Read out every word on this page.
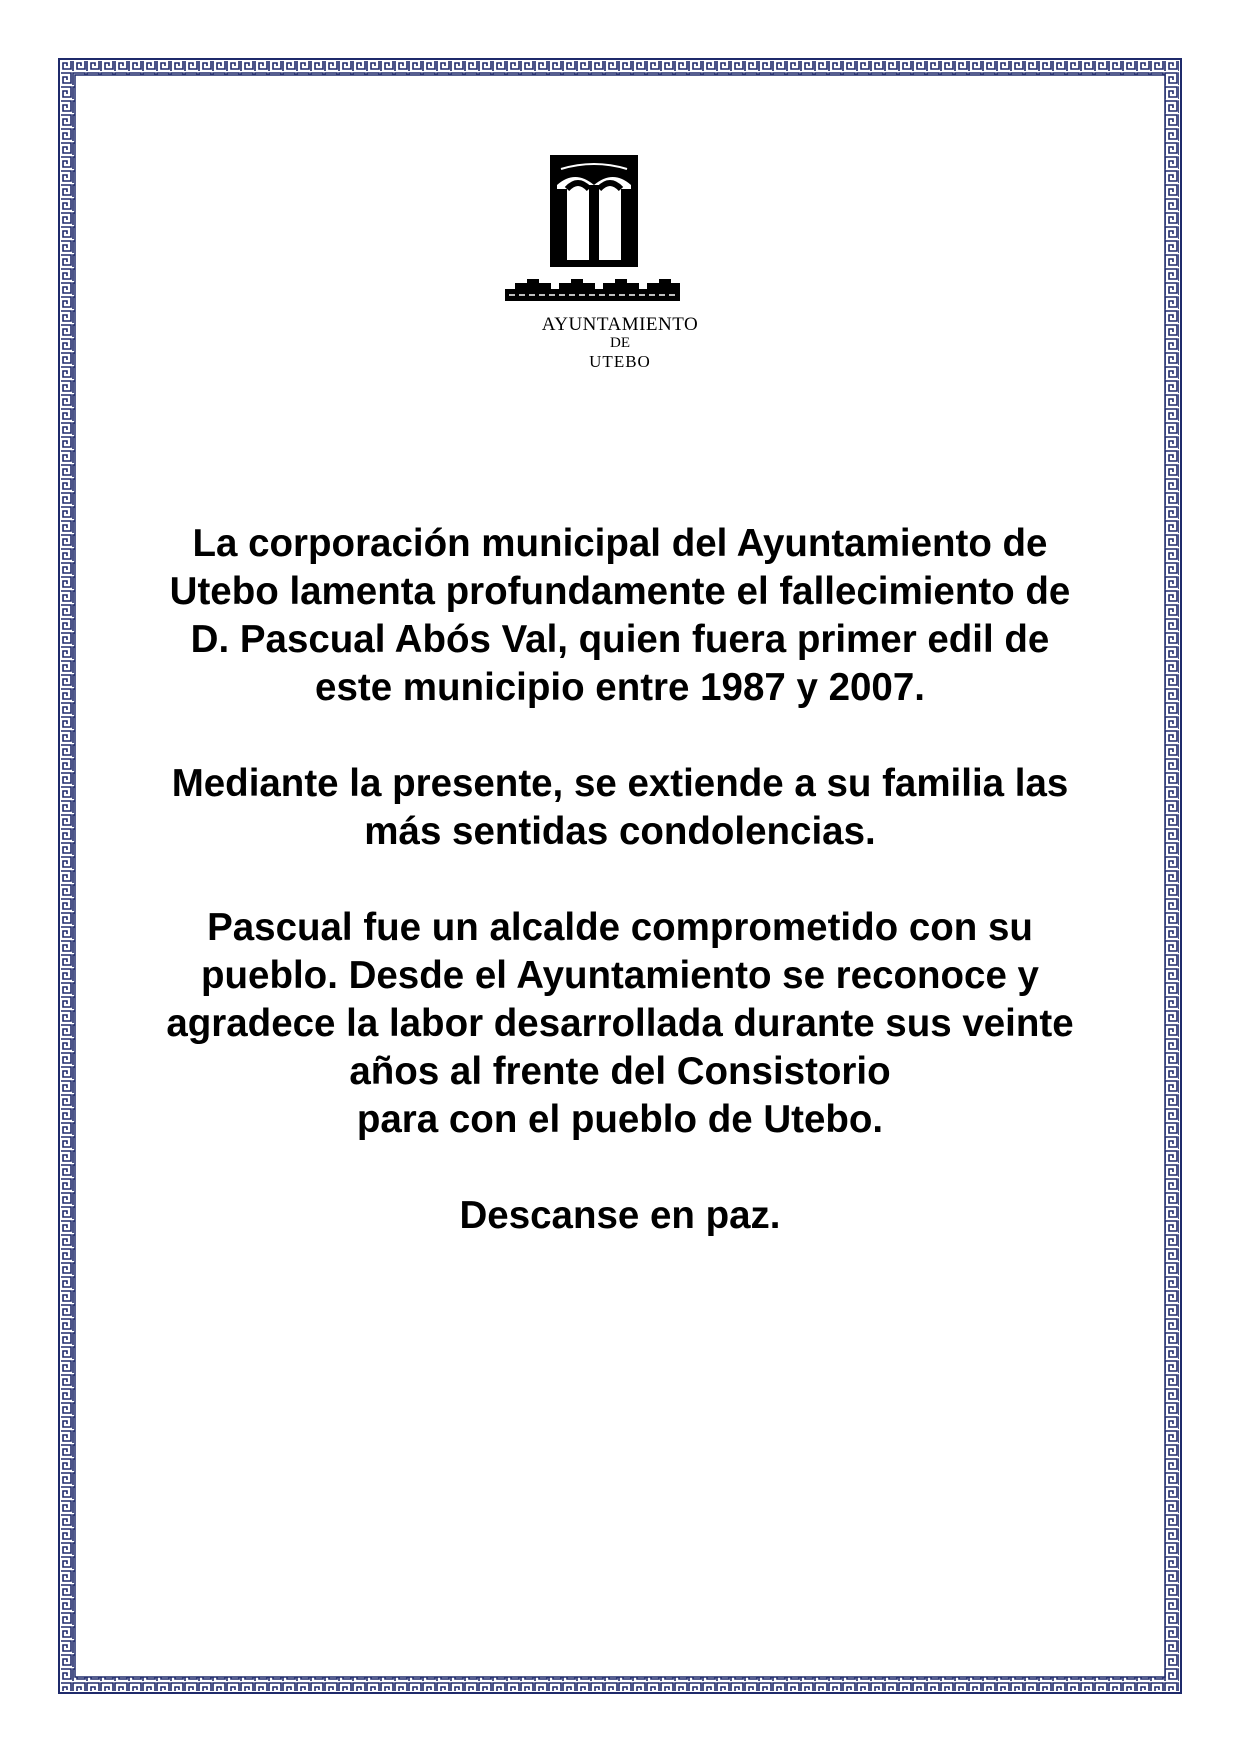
AYUNTAMIENTO
DE
UTEBO

La corporación municipal del Ayuntamiento de
Utebo lamenta profundamente el fallecimiento de
D. Pascual Abós Val, quien fuera primer edil de
este municipio entre 1987 y 2007.

Mediante la presente, se extiende a su familia las
más sentidas condolencias.

Pascual fue un alcalde comprometido con su
pueblo. Desde el Ayuntamiento se reconoce y
agradece la labor desarrollada durante sus veinte
años al frente del Consistorio
para con el pueblo de Utebo.

Descanse en paz.
